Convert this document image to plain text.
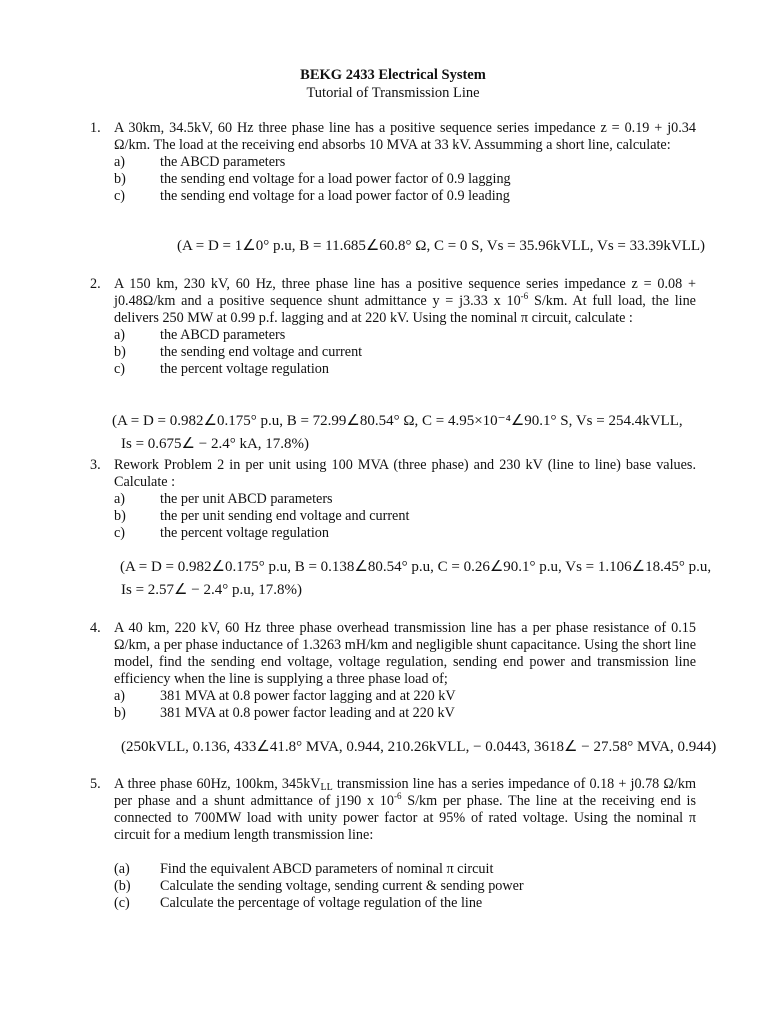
BEKG 2433 Electrical System
Tutorial of Transmission Line
1. A 30km, 34.5kV, 60 Hz three phase line has a positive sequence series impedance z = 0.19 + j0.34 Ω/km. The load at the receiving end absorbs 10 MVA at 33 kV. Assumming a short line, calculate:
a)	the ABCD parameters
b)	the sending end voltage for a load power factor of 0.9 lagging
c)	the sending end voltage for a load power factor of 0.9 leading
(A = D = 1∠0° p.u, B = 11.685∠60.8° Ω, C = 0 S, Vs = 35.96kVLL, Vs = 33.39kVLL)
2. A 150 km, 230 kV, 60 Hz, three phase line has a positive sequence series impedance z = 0.08 + j0.48Ω/km and a positive sequence shunt admittance y = j3.33 x $10^{-6}$ S/km. At full load, the line delivers 250 MW at 0.99 p.f. lagging and at 220 kV. Using the nominal π circuit, calculate :
a)	the ABCD parameters
b)	the sending end voltage and current
c)	the percent voltage regulation
(A = D = 0.982∠0.175° p.u, B = 72.99∠80.54° Ω, C = 4.95×10⁻⁴∠90.1° S, Vs = 254.4kVLL,
Is = 0.675∠ − 2.4° kA, 17.8%)
3. Rework Problem 2 in per unit using 100 MVA (three phase) and 230 kV (line to line) base values. Calculate :
a)	the per unit ABCD parameters
b)	the per unit sending end voltage and current
c)	the percent voltage regulation
(A = D = 0.982∠0.175° p.u, B = 0.138∠80.54° p.u, C = 0.26∠90.1° p.u, Vs = 1.106∠18.45° p.u,
Is = 2.57∠ − 2.4° p.u, 17.8%)
4. A 40 km, 220 kV, 60 Hz three phase overhead transmission line has a per phase resistance of 0.15 Ω/km, a per phase inductance of 1.3263 mH/km and negligible shunt capacitance. Using the short line model, find the sending end voltage, voltage regulation, sending end power and transmission line efficiency when the line is supplying a three phase load of;
a)	381 MVA at 0.8 power factor lagging and at 220 kV
b)	381 MVA at 0.8 power factor leading and at 220 kV
(250kVLL, 0.136, 433∠41.8° MVA, 0.944, 210.26kVLL, − 0.0443, 3618∠ − 27.58° MVA, 0.944)
5. A three phase 60Hz, 100km, $345kV_{LL}$ transmission line has a series impedance of 0.18 + j0.78 Ω/km per phase and a shunt admittance of j190 x $10^{-6}$ S/km per phase. The line at the receiving end is connected to 700MW load with unity power factor at 95% of rated voltage. Using the nominal π circuit for a medium length transmission line:
(a)	Find the equivalent ABCD parameters of nominal π circuit
(b)	Calculate the sending voltage, sending current & sending power
(c)	Calculate the percentage of voltage regulation of the line
